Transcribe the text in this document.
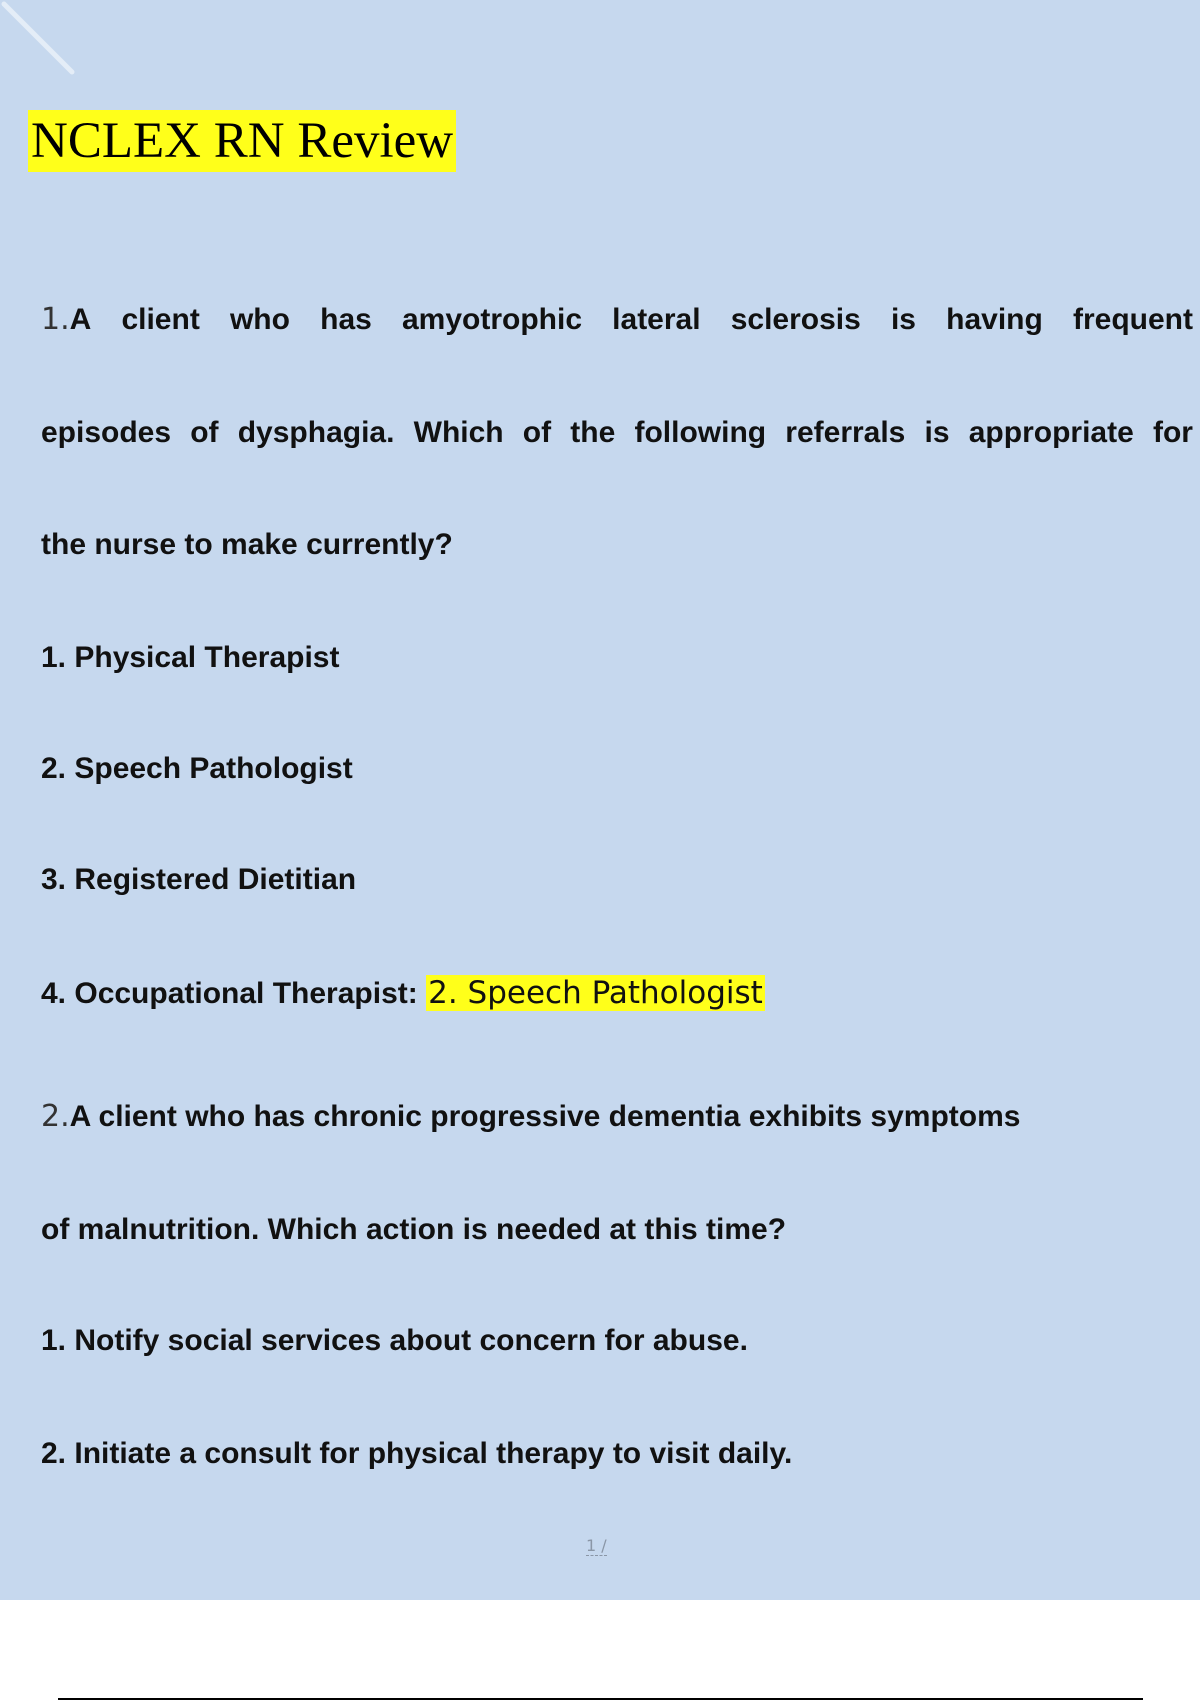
NCLEX RN Review
1.A client who has amyotrophic lateral sclerosis is having frequent
episodes of dysphagia. Which of the following referrals is appropriate for
the nurse to make currently?
1. Physical Therapist
2. Speech Pathologist
3. Registered Dietitian
4. Occupational Therapist: 2. Speech Pathologist
2.A client who has chronic progressive dementia exhibits symptoms
of malnutrition. Which action is needed at this time?
1. Notify social services about concern for abuse.
2. Initiate a consult for physical therapy to visit daily.
1 /
